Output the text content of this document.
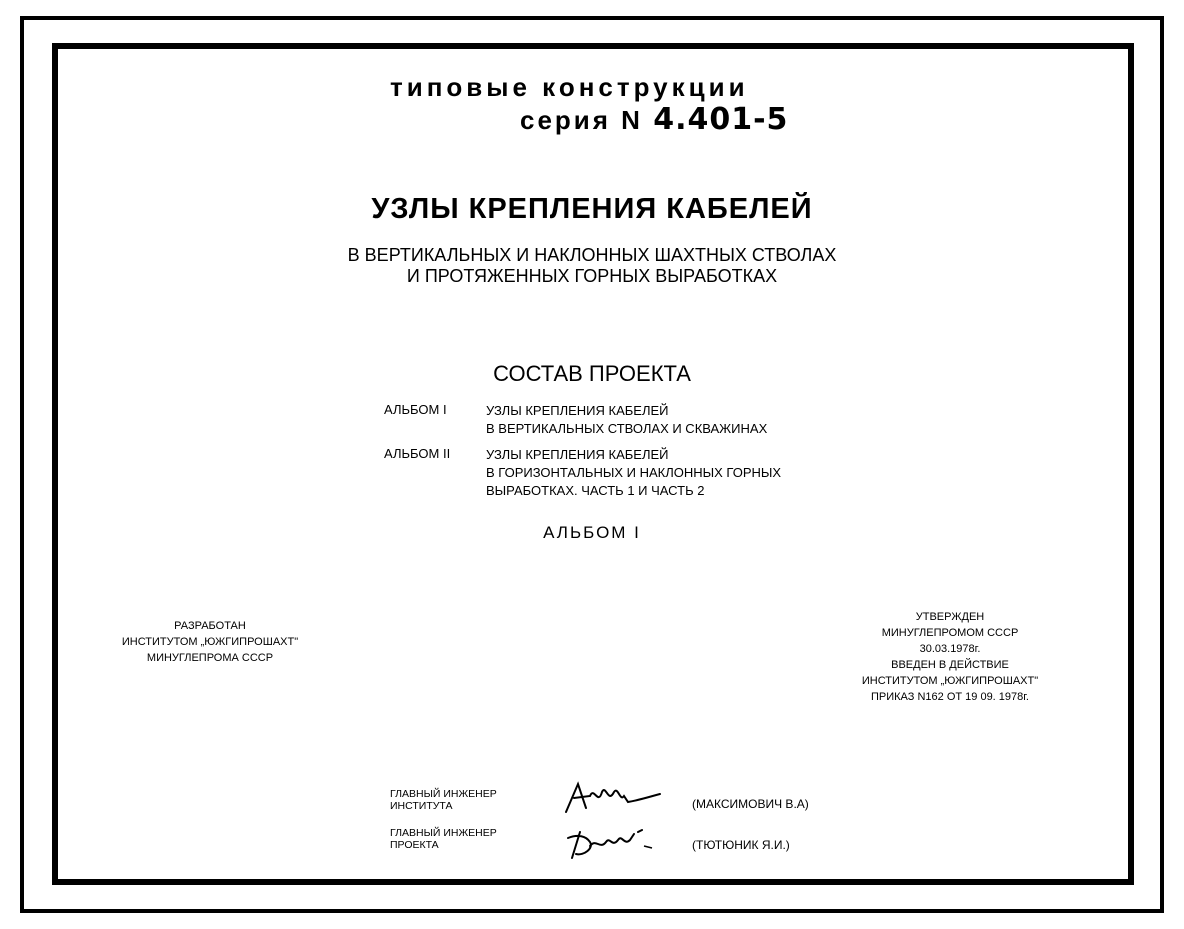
типовые конструкции
серия N 4.401-5
УЗЛЫ КРЕПЛЕНИЯ КАБЕЛЕЙ
В ВЕРТИКАЛЬНЫХ И НАКЛОННЫХ ШАХТНЫХ СТВОЛАХ
И ПРОТЯЖЕННЫХ ГОРНЫХ ВЫРАБОТКАХ
СОСТАВ ПРОЕКТА
АЛЬБОМ I	УЗЛЫ КРЕПЛЕНИЯ КАБЕЛЕЙ
В ВЕРТИКАЛЬНЫХ СТВОЛАХ И СКВАЖИНАХ
АЛЬБОМ II	УЗЛЫ КРЕПЛЕНИЯ КАБЕЛЕЙ
В ГОРИЗОНТАЛЬНЫХ И НАКЛОННЫХ ГОРНЫХ
ВЫРАБОТКАХ. ЧАСТЬ 1 И ЧАСТЬ 2
АЛЬБОМ I
РАЗРАБОТАН
ИНСТИТУТОМ „ЮЖГИПРОШАХТ"
МИНУГЛЕПРОМА СССР
УТВЕРЖДЕН
МИНУГЛЕПРОМОМ СССР
30.03.1978г.
ВВЕДЕН В ДЕЙСТВИЕ
ИНСТИТУТОМ „ЮЖГИПРОШАХТ"
ПРИКАЗ N162 ОТ 19 09. 1978г.
ГЛАВНЫЙ ИНЖЕНЕР
ИНСТИТУТА	(МАКСИМОВИЧ В.А)
ГЛАВНЫЙ ИНЖЕНЕР
ПРОЕКТА	(ТЮТЮНИК Я.И.)
